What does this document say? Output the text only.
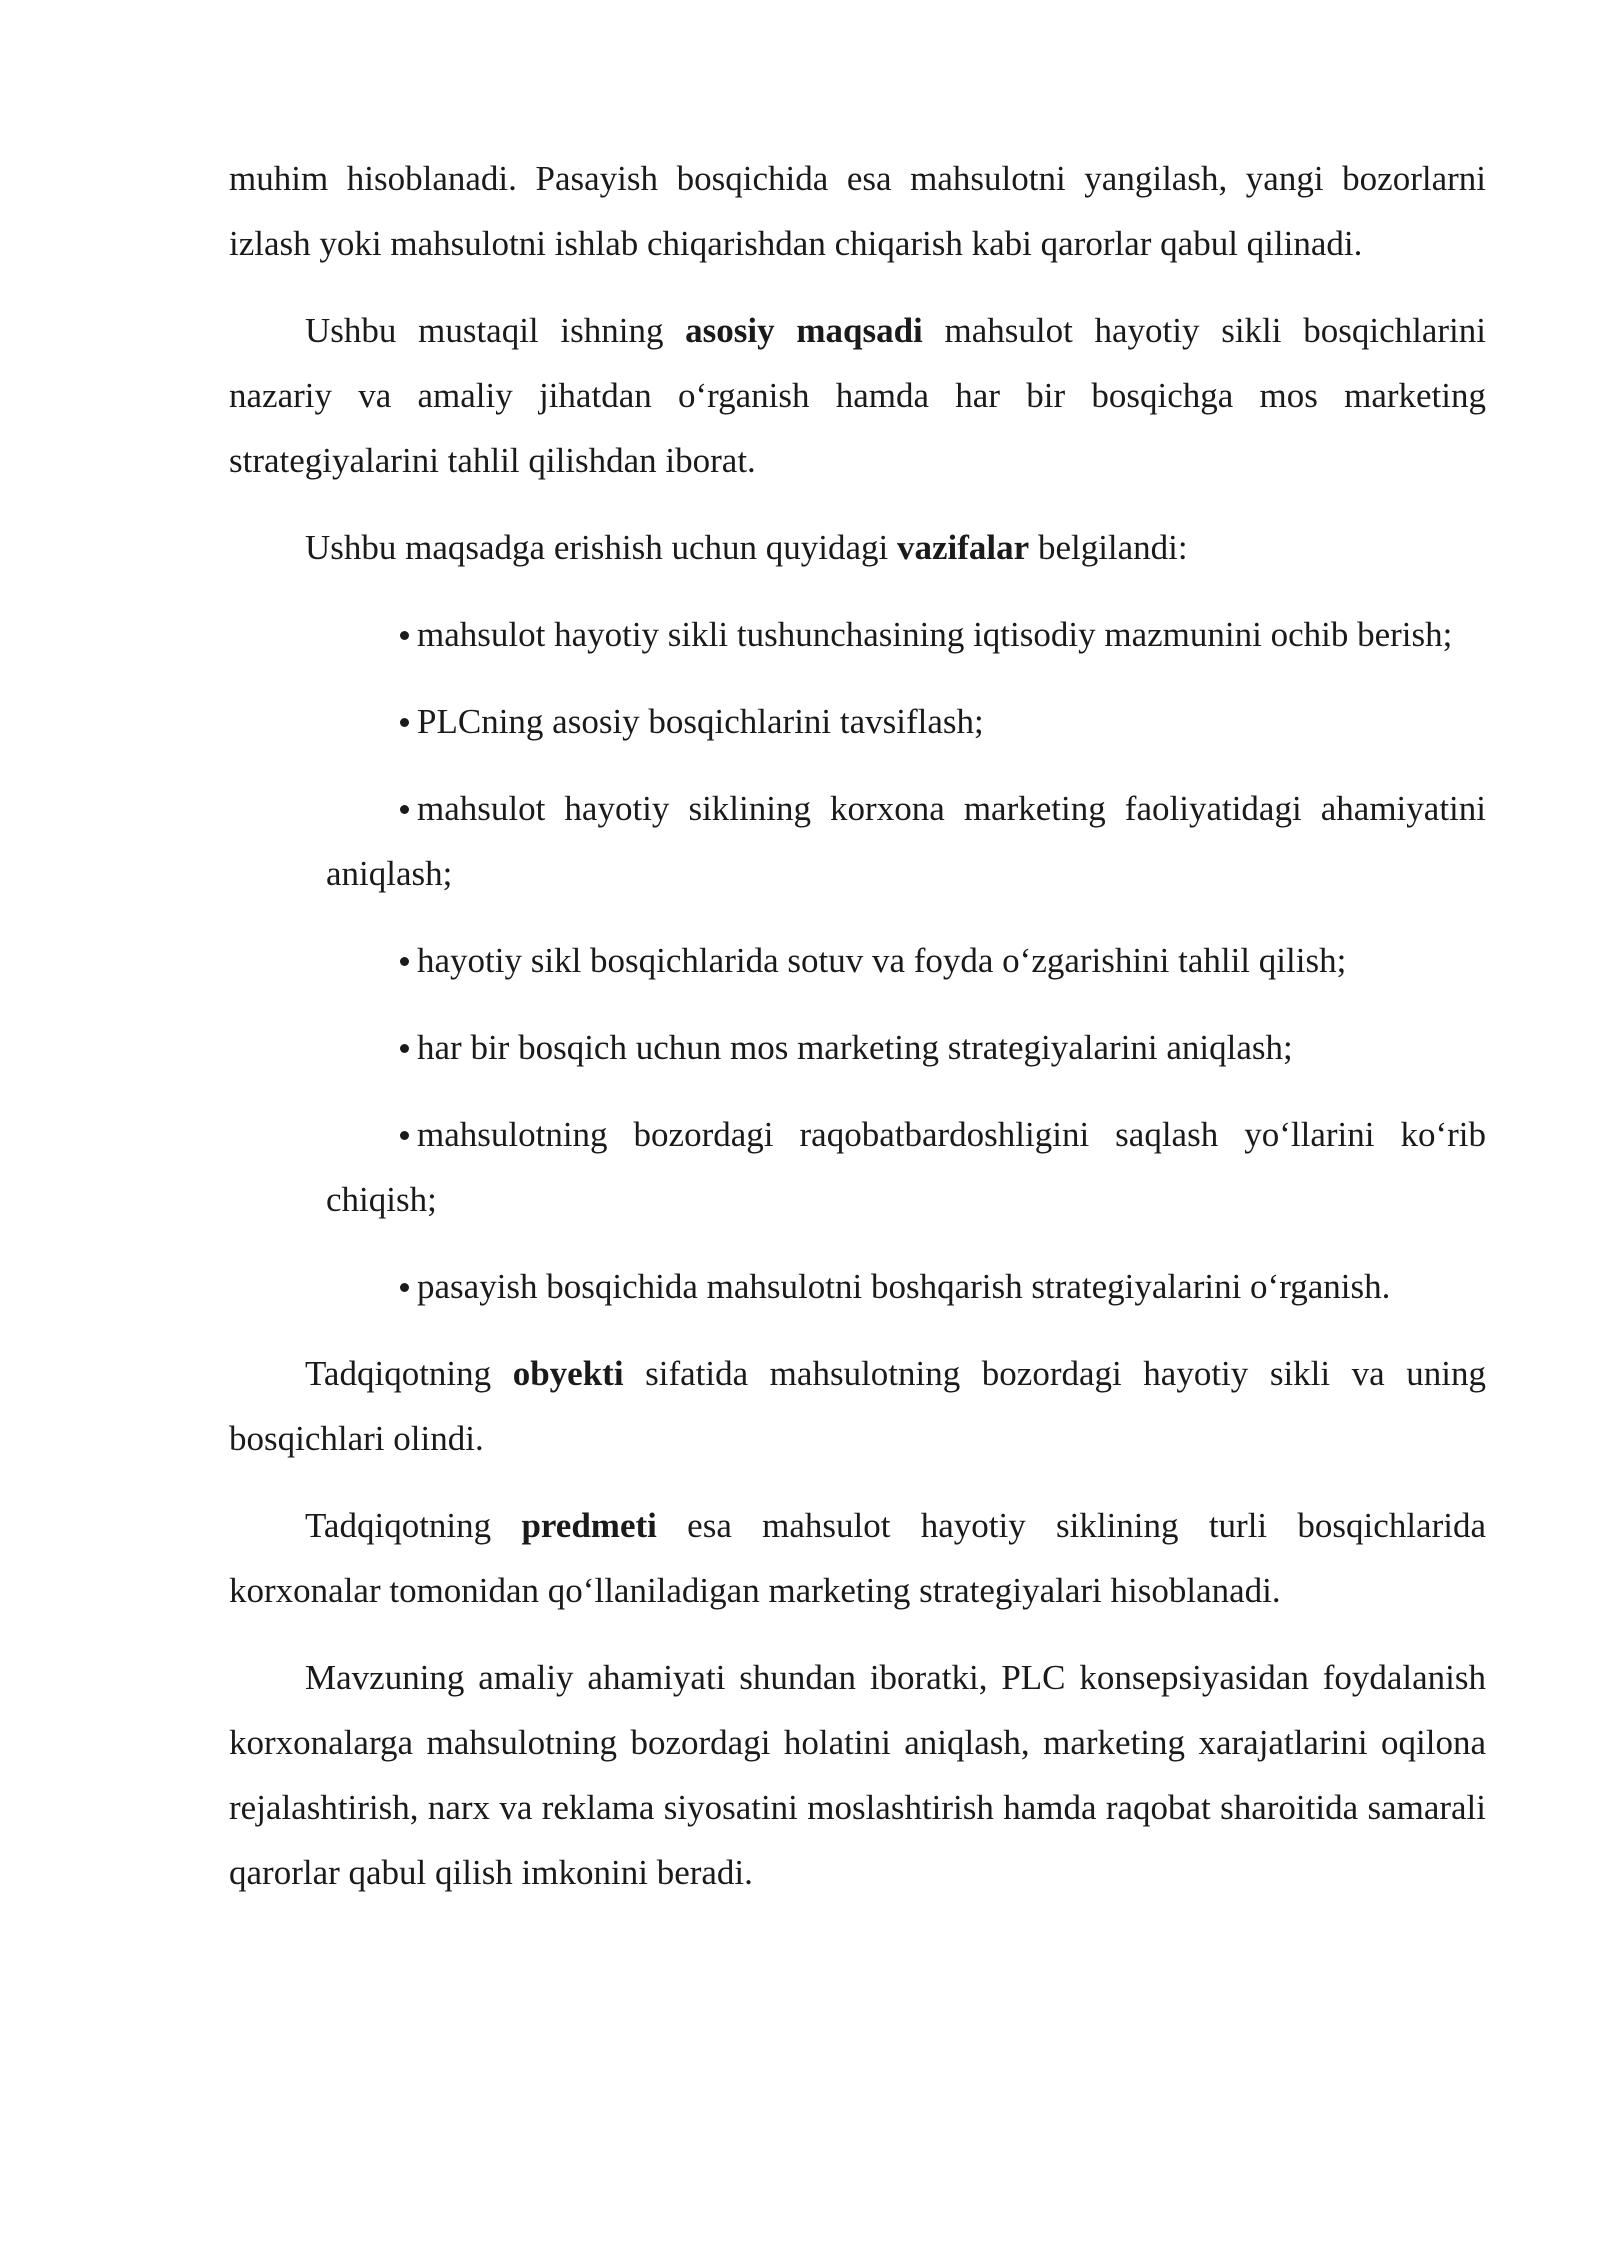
muhim hisoblanadi. Pasayish bosqichida esa mahsulotni yangilash, yangi bozorlarni izlash yoki mahsulotni ishlab chiqarishdan chiqarish kabi qarorlar qabul qilinadi.

Ushbu mustaqil ishning asosiy maqsadi mahsulot hayotiy sikli bosqichlarini nazariy va amaliy jihatdan o‘rganish hamda har bir bosqichga mos marketing strategiyalarini tahlil qilishdan iborat.

Ushbu maqsadga erishish uchun quyidagi vazifalar belgilandi:

mahsulot hayotiy sikli tushunchasining iqtisodiy mazmunini ochib berish;
PLCning asosiy bosqichlarini tavsiflash;
mahsulot hayotiy siklining korxona marketing faoliyatidagi ahamiyatini aniqlash;
hayotiy sikl bosqichlarida sotuv va foyda o‘zgarishini tahlil qilish;
har bir bosqich uchun mos marketing strategiyalarini aniqlash;
mahsulotning bozordagi raqobatbardoshligini saqlash yo‘llarini ko‘rib chiqish;
pasayish bosqichida mahsulotni boshqarish strategiyalarini o‘rganish.

Tadqiqotning obyekti sifatida mahsulotning bozordagi hayotiy sikli va uning bosqichlari olindi.

Tadqiqotning predmeti esa mahsulot hayotiy siklining turli bosqichlarida korxonalar tomonidan qo‘llaniladigan marketing strategiyalari hisoblanadi.

Mavzuning amaliy ahamiyati shundan iboratki, PLC konsepsiyasidan foydalanish korxonalarga mahsulotning bozordagi holatini aniqlash, marketing xarajatlarini oqilona rejalashtirish, narx va reklama siyosatini moslashtirish hamda raqobat sharoitida samarali qarorlar qabul qilish imkonini beradi.
